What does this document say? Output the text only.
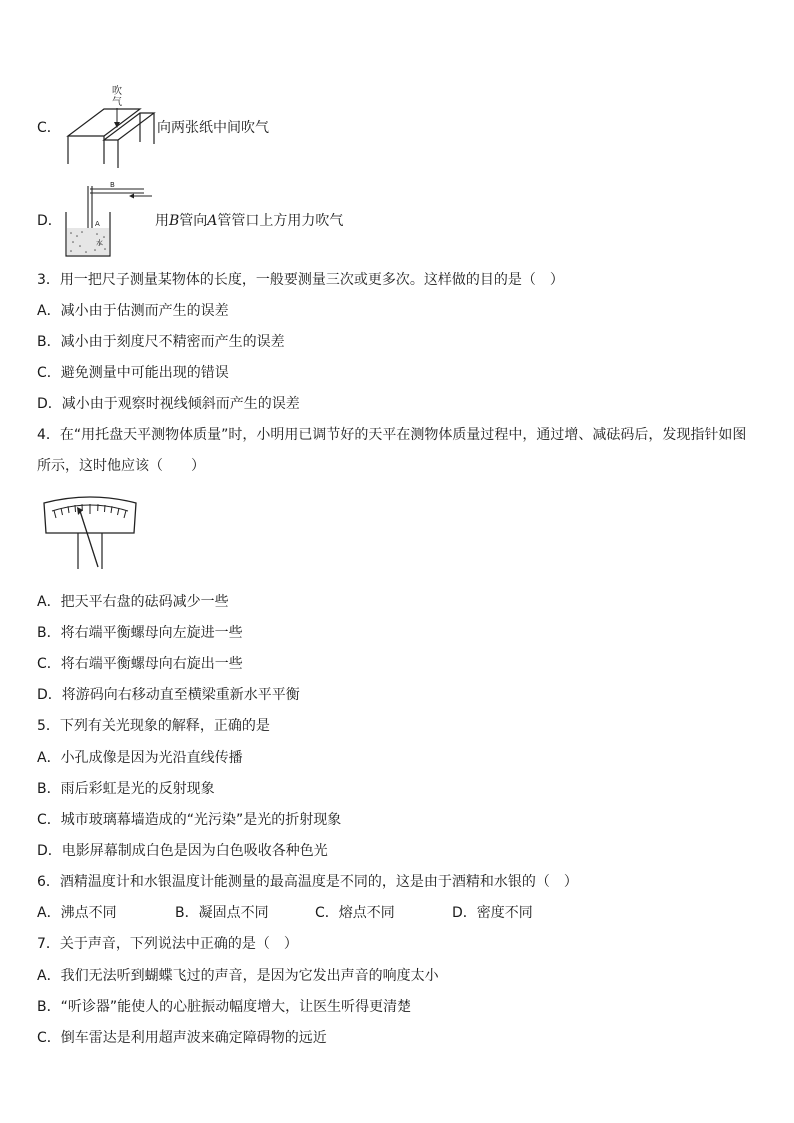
C．
吹
气
向两张纸中间吹气
D．
B
A
水
用B管向A管管口上方用力吹气
3．用一把尺子测量某物体的长度，一般要测量三次或更多次。这样做的目的是（　）
A．减小由于估测而产生的误差
B．减小由于刻度尺不精密而产生的误差
C．避免测量中可能出现的错误
D．减小由于观察时视线倾斜而产生的误差
4．在“用托盘天平测物体质量”时，小明用已调节好的天平在测物体质量过程中，通过增、减砝码后，发现指针如图
所示，这时他应该（　　）
A．把天平右盘的砝码减少一些
B．将右端平衡螺母向左旋进一些
C．将右端平衡螺母向右旋出一些
D．将游码向右移动直至横梁重新水平平衡
5．下列有关光现象的解释，正确的是
A．小孔成像是因为光沿直线传播
B．雨后彩虹是光的反射现象
C．城市玻璃幕墙造成的“光污染”是光的折射现象
D．电影屏幕制成白色是因为白色吸收各种色光
6．酒精温度计和水银温度计能测量的最高温度是不同的，这是由于酒精和水银的（　）
A．沸点不同	B．凝固点不同	C．熔点不同	D．密度不同
7．关于声音，下列说法中正确的是（　）
A．我们无法听到蝴蝶飞过的声音，是因为它发出声音的响度太小
B．“听诊器”能使人的心脏振动幅度增大，让医生听得更清楚
C．倒车雷达是利用超声波来确定障碍物的远近
